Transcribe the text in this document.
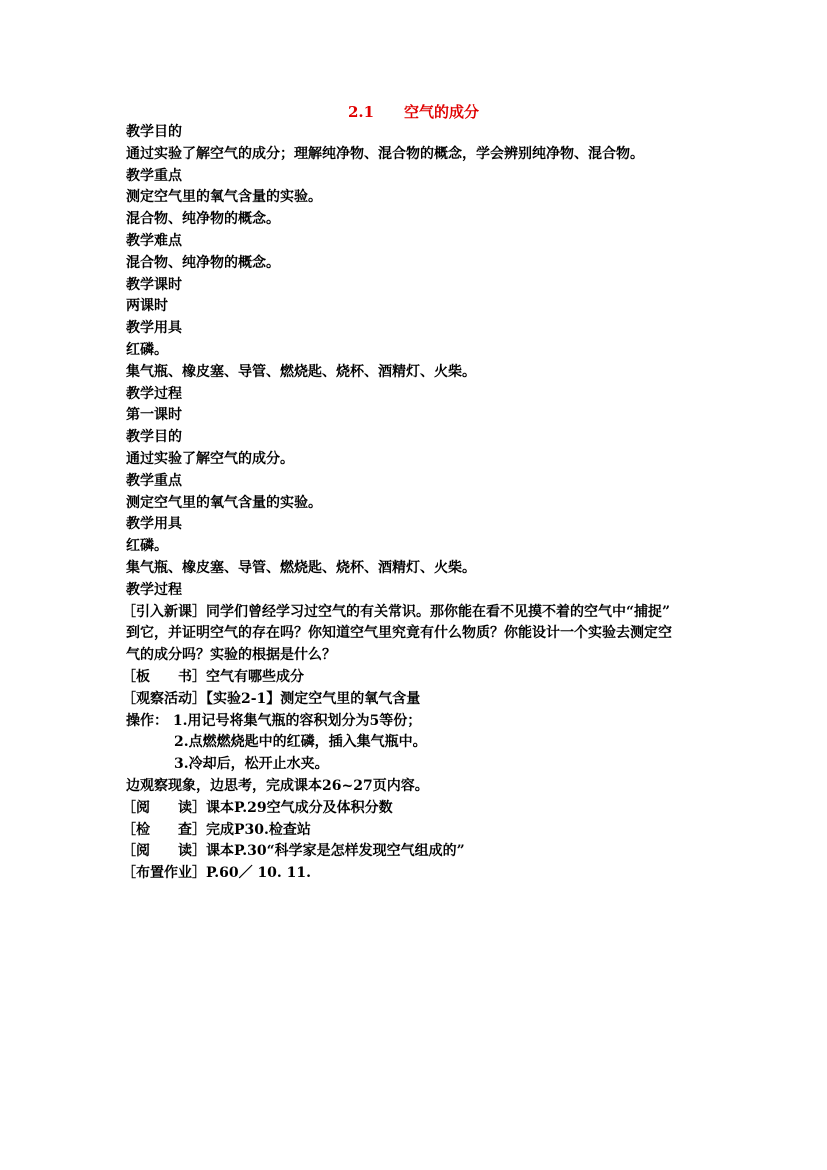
2.1　　空气的成分
教学目的
通过实验了解空气的成分；理解纯净物、混合物的概念，学会辨别纯净物、混合物。
教学重点
测定空气里的氧气含量的实验。
混合物、纯净物的概念。
教学难点
混合物、纯净物的概念。
教学课时
两课时
教学用具
红磷。
集气瓶、橡皮塞、导管、燃烧匙、烧杯、酒精灯、火柴。
教学过程
第一课时
教学目的
通过实验了解空气的成分。
教学重点
测定空气里的氧气含量的实验。
教学用具
红磷。
集气瓶、橡皮塞、导管、燃烧匙、烧杯、酒精灯、火柴。
教学过程
［引入新课］同学们曾经学习过空气的有关常识。那你能在看不见摸不着的空气中“捕捉”
到它，并证明空气的存在吗？你知道空气里究竟有什么物质？你能设计一个实验去测定空
气的成分吗？实验的根据是什么？
［板　　书］空气有哪些成分
［观察活动］【实验2-1】测定空气里的氧气含量
操作： 1.用记号将集气瓶的容积划分为5等份；
2.点燃燃烧匙中的红磷，插入集气瓶中。
3.冷却后，松开止水夹。
边观察现象，边思考，完成课本26~27页内容。
［阅　　读］课本P.29空气成分及体积分数
［检　　查］完成P30.检查站
［阅　　读］课本P.30“科学家是怎样发现空气组成的”
［布置作业］P.60／ 10. 11.
